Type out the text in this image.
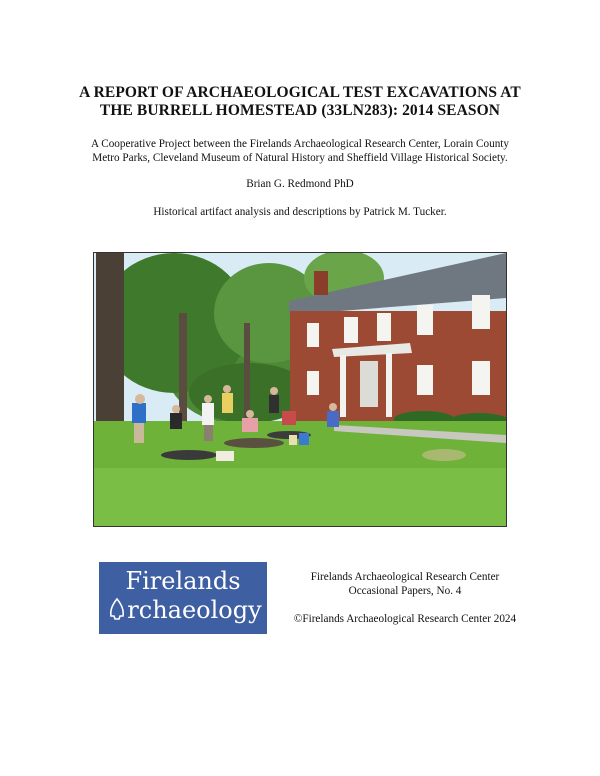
A REPORT OF ARCHAEOLOGICAL TEST EXCAVATIONS AT
THE BURRELL HOMESTEAD (33LN283): 2014 SEASON
A Cooperative Project between the Firelands Archaeological Research Center, Lorain County
Metro Parks, Cleveland Museum of Natural History and Sheffield Village Historical Society.
Brian G. Redmond PhD
Historical artifact analysis and descriptions by Patrick M. Tucker.
Firelands
rchaeology
Firelands Archaeological Research Center
Occasional Papers, No. 4
©Firelands Archaeological Research Center 2024
